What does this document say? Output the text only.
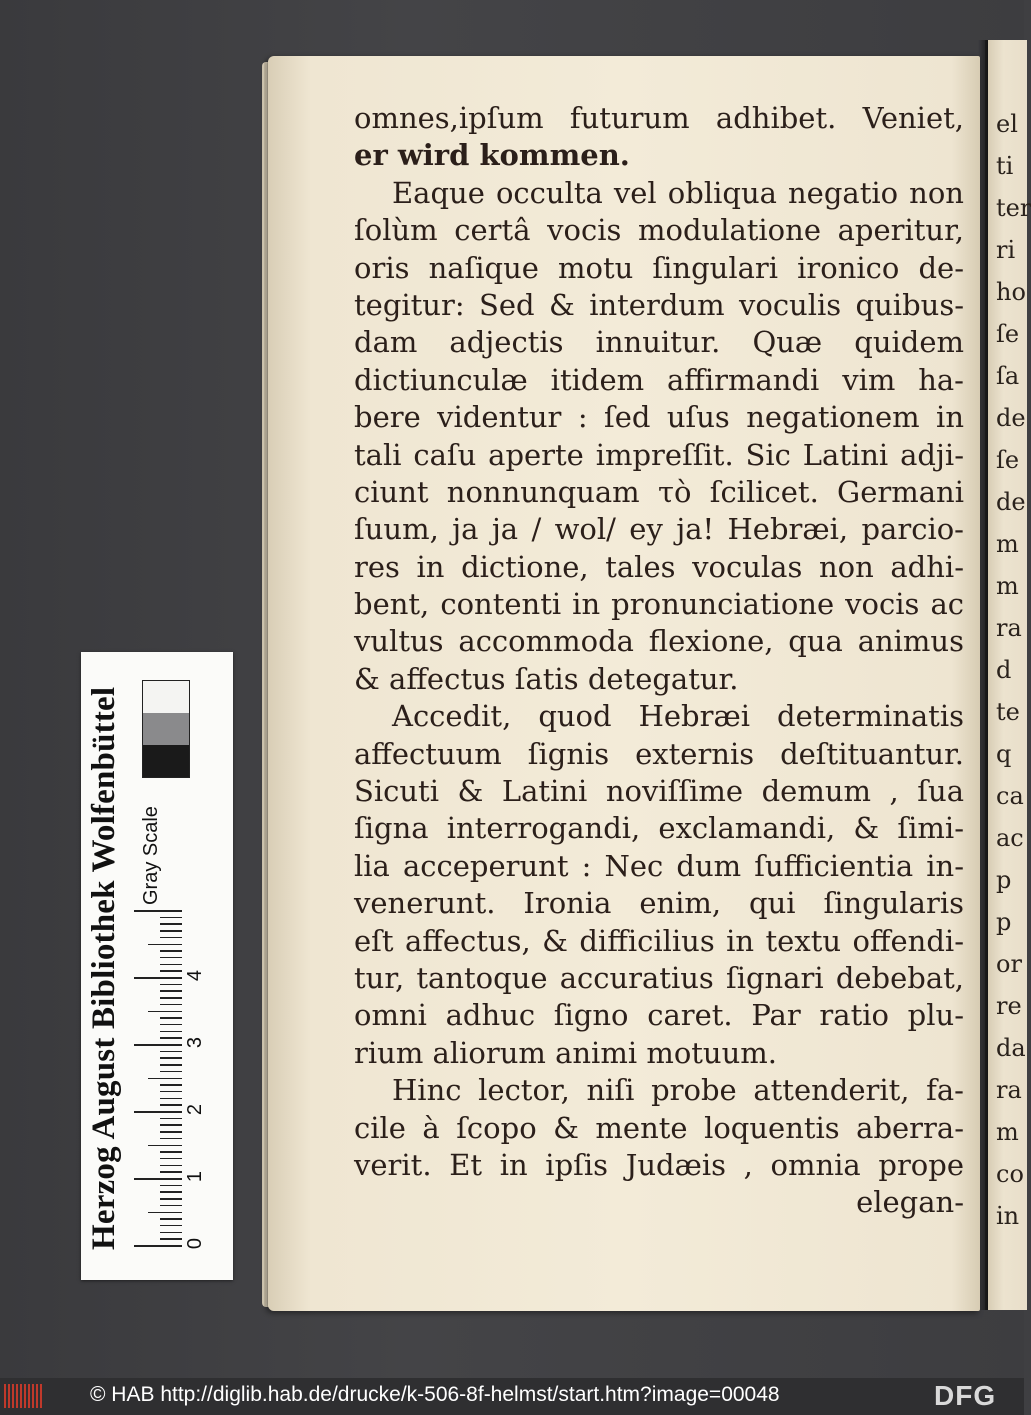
el
ti
ter
ri
ho
ſe
ſa
de
ſe
de
m
m
ra
d
te
q
ca
ac
p
p
or
re
da
ra
m
co
in
omnes,ipſum futurum adhibet. Veniet,
er wird kommen.
Eaque occulta vel obliqua negatio non
ſolùm certâ vocis modulatione aperitur,
oris naſique motu ſingulari ironico de-
tegitur: Sed & interdum voculis quibus-
dam adjectis innuitur. Quæ quidem
dictiunculæ itidem affirmandi vim ha-
bere videntur : ſed uſus negationem in
tali caſu aperte impreſſit. Sic Latini adji-
ciunt nonnunquam τὸ ſcilicet. Germani
ſuum, ja ja / wol/ ey ja! Hebræi, parcio-
res in dictione, tales voculas non adhi-
bent, contenti in pronunciatione vocis ac
vultus accommoda flexione, qua animus
& affectus ſatis detegatur.
Accedit, quod Hebræi determinatis
affectuum ſignis externis deſtituantur.
Sicuti & Latini noviſſime demum , ſua
ſigna interrogandi, exclamandi, & ſimi-
lia acceperunt : Nec dum ſufficientia in-
venerunt. Ironia enim, qui ſingularis
eſt affectus, & difficilius in textu offendi-
tur, tantoque accuratius ſignari debebat,
omni adhuc ſigno caret. Par ratio plu-
rium aliorum animi motuum.
Hinc lector, niſi probe attenderit, fa-
cile à ſcopo & mente loquentis aberra-
verit. Et in ipſis Judæis , omnia prope
elegan-
Herzog August Bibliothek Wolfenbüttel Gray Scale
0
1
2
3
4
© HAB http://diglib.hab.de/drucke/k-506-8f-helmst/start.htm?image=00048	DFG
